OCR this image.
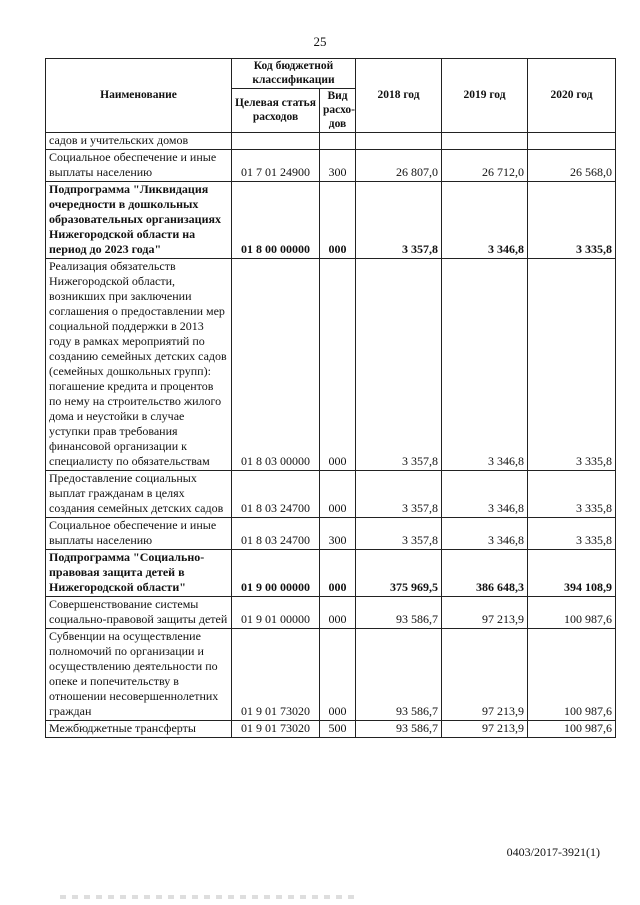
25
Наименование	Код бюджетной классификации		2018 год	2019 год	2020 год
	Целевая статья расходов	Вид расхо-дов			
садов и учительских домов					
Социальное обеспечение и иные выплаты населению	01 7 01 24900	300	26 807,0	26 712,0	26 568,0
Подпрограмма "Ликвидация очередности в дошкольных образовательных организациях Нижегородской области на период до 2023 года"	01 8 00 00000	000	3 357,8	3 346,8	3 335,8
Реализация обязательств Нижегородской области, возникших при заключении соглашения о предоставлении мер социальной поддержки в 2013 году в рамках мероприятий по созданию семейных детских садов (семейных дошкольных групп): погашение кредита и процентов по нему на строительство жилого дома и неустойки в случае уступки прав требования финансовой организации к специалисту по обязательствам	01 8 03 00000	000	3 357,8	3 346,8	3 335,8
Предоставление социальных выплат гражданам в целях создания семейных детских садов	01 8 03 24700	000	3 357,8	3 346,8	3 335,8
Социальное обеспечение и иные выплаты населению	01 8 03 24700	300	3 357,8	3 346,8	3 335,8
Подпрограмма "Социально-правовая защита детей в Нижегородской области"	01 9 00 00000	000	375 969,5	386 648,3	394 108,9
Совершенствование системы социально-правовой защиты детей	01 9 01 00000	000	93 586,7	97 213,9	100 987,6
Субвенции на осуществление полномочий по организации и осуществлению деятельности по опеке и попечительству в отношении несовершеннолетних граждан	01 9 01 73020	000	93 586,7	97 213,9	100 987,6
Межбюджетные трансферты	01 9 01 73020	500	93 586,7	97 213,9	100 987,6
0403/2017-3921(1)
